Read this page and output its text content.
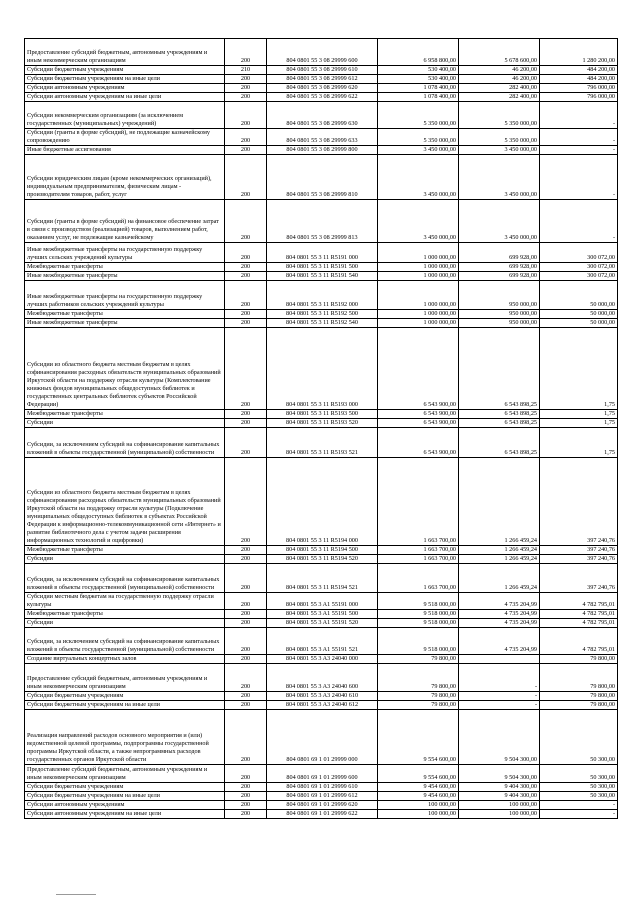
Предоставление субсидий бюджетным, автономным учреждениям и иным некоммерческим организациям	200	804 0801 55 3 08 29999 600	6 958 800,00	5 678 600,00	1 280 200,00
Субсидии бюджетным учреждениям	210	804 0801 55 3 08 29999 610	530 400,00	46 200,00	484 200,00
Субсидии бюджетным учреждениям на иные цели	200	804 0801 55 3 08 29999 612	530 400,00	46 200,00	484 200,00
Субсидии автономным учреждениям	200	804 0801 55 3 08 29999 620	1 078 400,00	282 400,00	796 000,00
Субсидии автономным учреждениям на иные цели	200	804 0801 55 3 08 29999 622	1 078 400,00	282 400,00	796 000,00
Субсидии некоммерческим организациям (за исключением государственных (муниципальных) учреждений)	200	804 0801 55 3 08 29999 630	5 350 000,00	5 350 000,00	-
Субсидии (гранты в форме субсидий), не подлежащие казначейскому сопровождению	200	804 0801 55 3 08 29999 633	5 350 000,00	5 350 000,00	-
Иные бюджетные ассигнования	200	804 0801 55 3 08 29999 800	3 450 000,00	3 450 000,00	-
Субсидии юридическим лицам (кроме некоммерческих организаций), индивидуальным предпринимателям, физическим лицам - производителям товаров, работ, услуг	200	804 0801 55 3 08 29999 810	3 450 000,00	3 450 000,00	-
Субсидии (гранты в форме субсидий) на финансовое обеспечение затрат в связи с производством (реализацией) товаров, выполнением работ, оказанием услуг, не подлежащие казначейскому	200	804 0801 55 3 08 29999 813	3 450 000,00	3 450 000,00	-
Иные межбюджетные трансферты на государственную поддержку лучших сельских учреждений культуры	200	804 0801 55 3 11 R5191 000	1 000 000,00	699 928,00	300 072,00
Межбюджетные трансферты	200	804 0801 55 3 11 R5191 500	1 000 000,00	699 928,00	300 072,00
Иные межбюджетные трансферты	200	804 0801 55 3 11 R5191 540	1 000 000,00	699 928,00	300 072,00
Иные межбюджетные трансферты на государственную поддержку лучших работников сельских учреждений культуры	200	804 0801 55 3 11 R5192 000	1 000 000,00	950 000,00	50 000,00
Межбюджетные трансферты	200	804 0801 55 3 11 R5192 500	1 000 000,00	950 000,00	50 000,00
Иные межбюджетные трансферты	200	804 0801 55 3 11 R5192 540	1 000 000,00	950 000,00	50 000,00
Субсидии из областного бюджета местным бюджетам в целях софинансирования расходных обязательств муниципальных образований Иркутской области на поддержку отрасли культуры (Комплектование книжных фондов муниципальных общедоступных библиотек и государственных центральных библиотек субъектов Российской Федерации)	200	804 0801 55 3 11 R5193 000	6 543 900,00	6 543 898,25	1,75
Межбюджетные трансферты	200	804 0801 55 3 11 R5193 500	6 543 900,00	6 543 898,25	1,75
Субсидии	200	804 0801 55 3 11 R5193 520	6 543 900,00	6 543 898,25	1,75
Субсидии, за исключением субсидий на софинансирование капитальных вложений в объекты государственной (муниципальной) собственности	200	804 0801 55 3 11 R5193 521	6 543 900,00	6 543 898,25	1,75
Субсидии из областного бюджета местным бюджетам в целях софинансирования расходных обязательств муниципальных образований Иркутской области на поддержку отрасли культуры (Подключение муниципальных общедоступных библиотек в субъектах Российской Федерации к информационно-телекоммуникационной сети «Интернет» и развитие библиотечного дела с учетом задачи расширения информационных технологий и оцифровки)	200	804 0801 55 3 11 R5194 000	1 663 700,00	1 266 459,24	397 240,76
Межбюджетные трансферты	200	804 0801 55 3 11 R5194 500	1 663 700,00	1 266 459,24	397 240,76
Субсидии	200	804 0801 55 3 11 R5194 520	1 663 700,00	1 266 459,24	397 240,76
Субсидии, за исключением субсидий на софинансирование капитальных вложений в объекты государственной (муниципальной) собственности	200	804 0801 55 3 11 R5194 521	1 663 700,00	1 266 459,24	397 240,76
Субсидии местным бюджетам на государственную поддержку отрасли культуры	200	804 0801 55 3 A1 55191 000	9 518 000,00	4 735 204,99	4 782 795,01
Межбюджетные трансферты	200	804 0801 55 3 A1 55191 500	9 518 000,00	4 735 204,99	4 782 795,01
Субсидии	200	804 0801 55 3 A1 55191 520	9 518 000,00	4 735 204,99	4 782 795,01
Субсидии, за исключением субсидий на софинансирование капитальных вложений в объекты государственной (муниципальной) собственности	200	804 0801 55 3 A1 55191 521	9 518 000,00	4 735 204,99	4 782 795,01
Создание виртуальных концертных залов	200	804 0801 55 3 A3 24040 000	79 800,00		79 800,00
Предоставление субсидий бюджетным, автономным учреждениям и иным некоммерческим организациям	200	804 0801 55 3 A3 24040 600	79 800,00	-	79 800,00
Субсидии бюджетным учреждениям	200	804 0801 55 3 A3 24040 610	79 800,00	-	79 800,00
Субсидии бюджетным учреждениям на иные цели	200	804 0801 55 3 A3 24040 612	79 800,00	-	79 800,00
Реализация направлений расходов основного мероприятия и (или) ведомственной целевой программы, подпрограммы государственной программы Иркутской области, а также непрограммных расходов государственных органов Иркутской области	200	804 0801 69 1 01 29999 000	9 554 600,00	9 504 300,00	50 300,00
Предоставление субсидий бюджетным, автономным учреждениям и иным некоммерческим организациям	200	804 0801 69 1 01 29999 600	9 554 600,00	9 504 300,00	50 300,00
Субсидии бюджетным учреждениям	200	804 0801 69 1 01 29999 610	9 454 600,00	9 404 300,00	50 300,00
Субсидии бюджетным учреждениям на иные цели	200	804 0801 69 1 01 29999 612	9 454 600,00	9 404 300,00	50 300,00
Субсидии автономным учреждениям	200	804 0801 69 1 01 29999 620	100 000,00	100 000,00	-
Субсидии автономным учреждениям на иные цели	200	804 0801 69 1 01 29999 622	100 000,00	100 000,00	-
